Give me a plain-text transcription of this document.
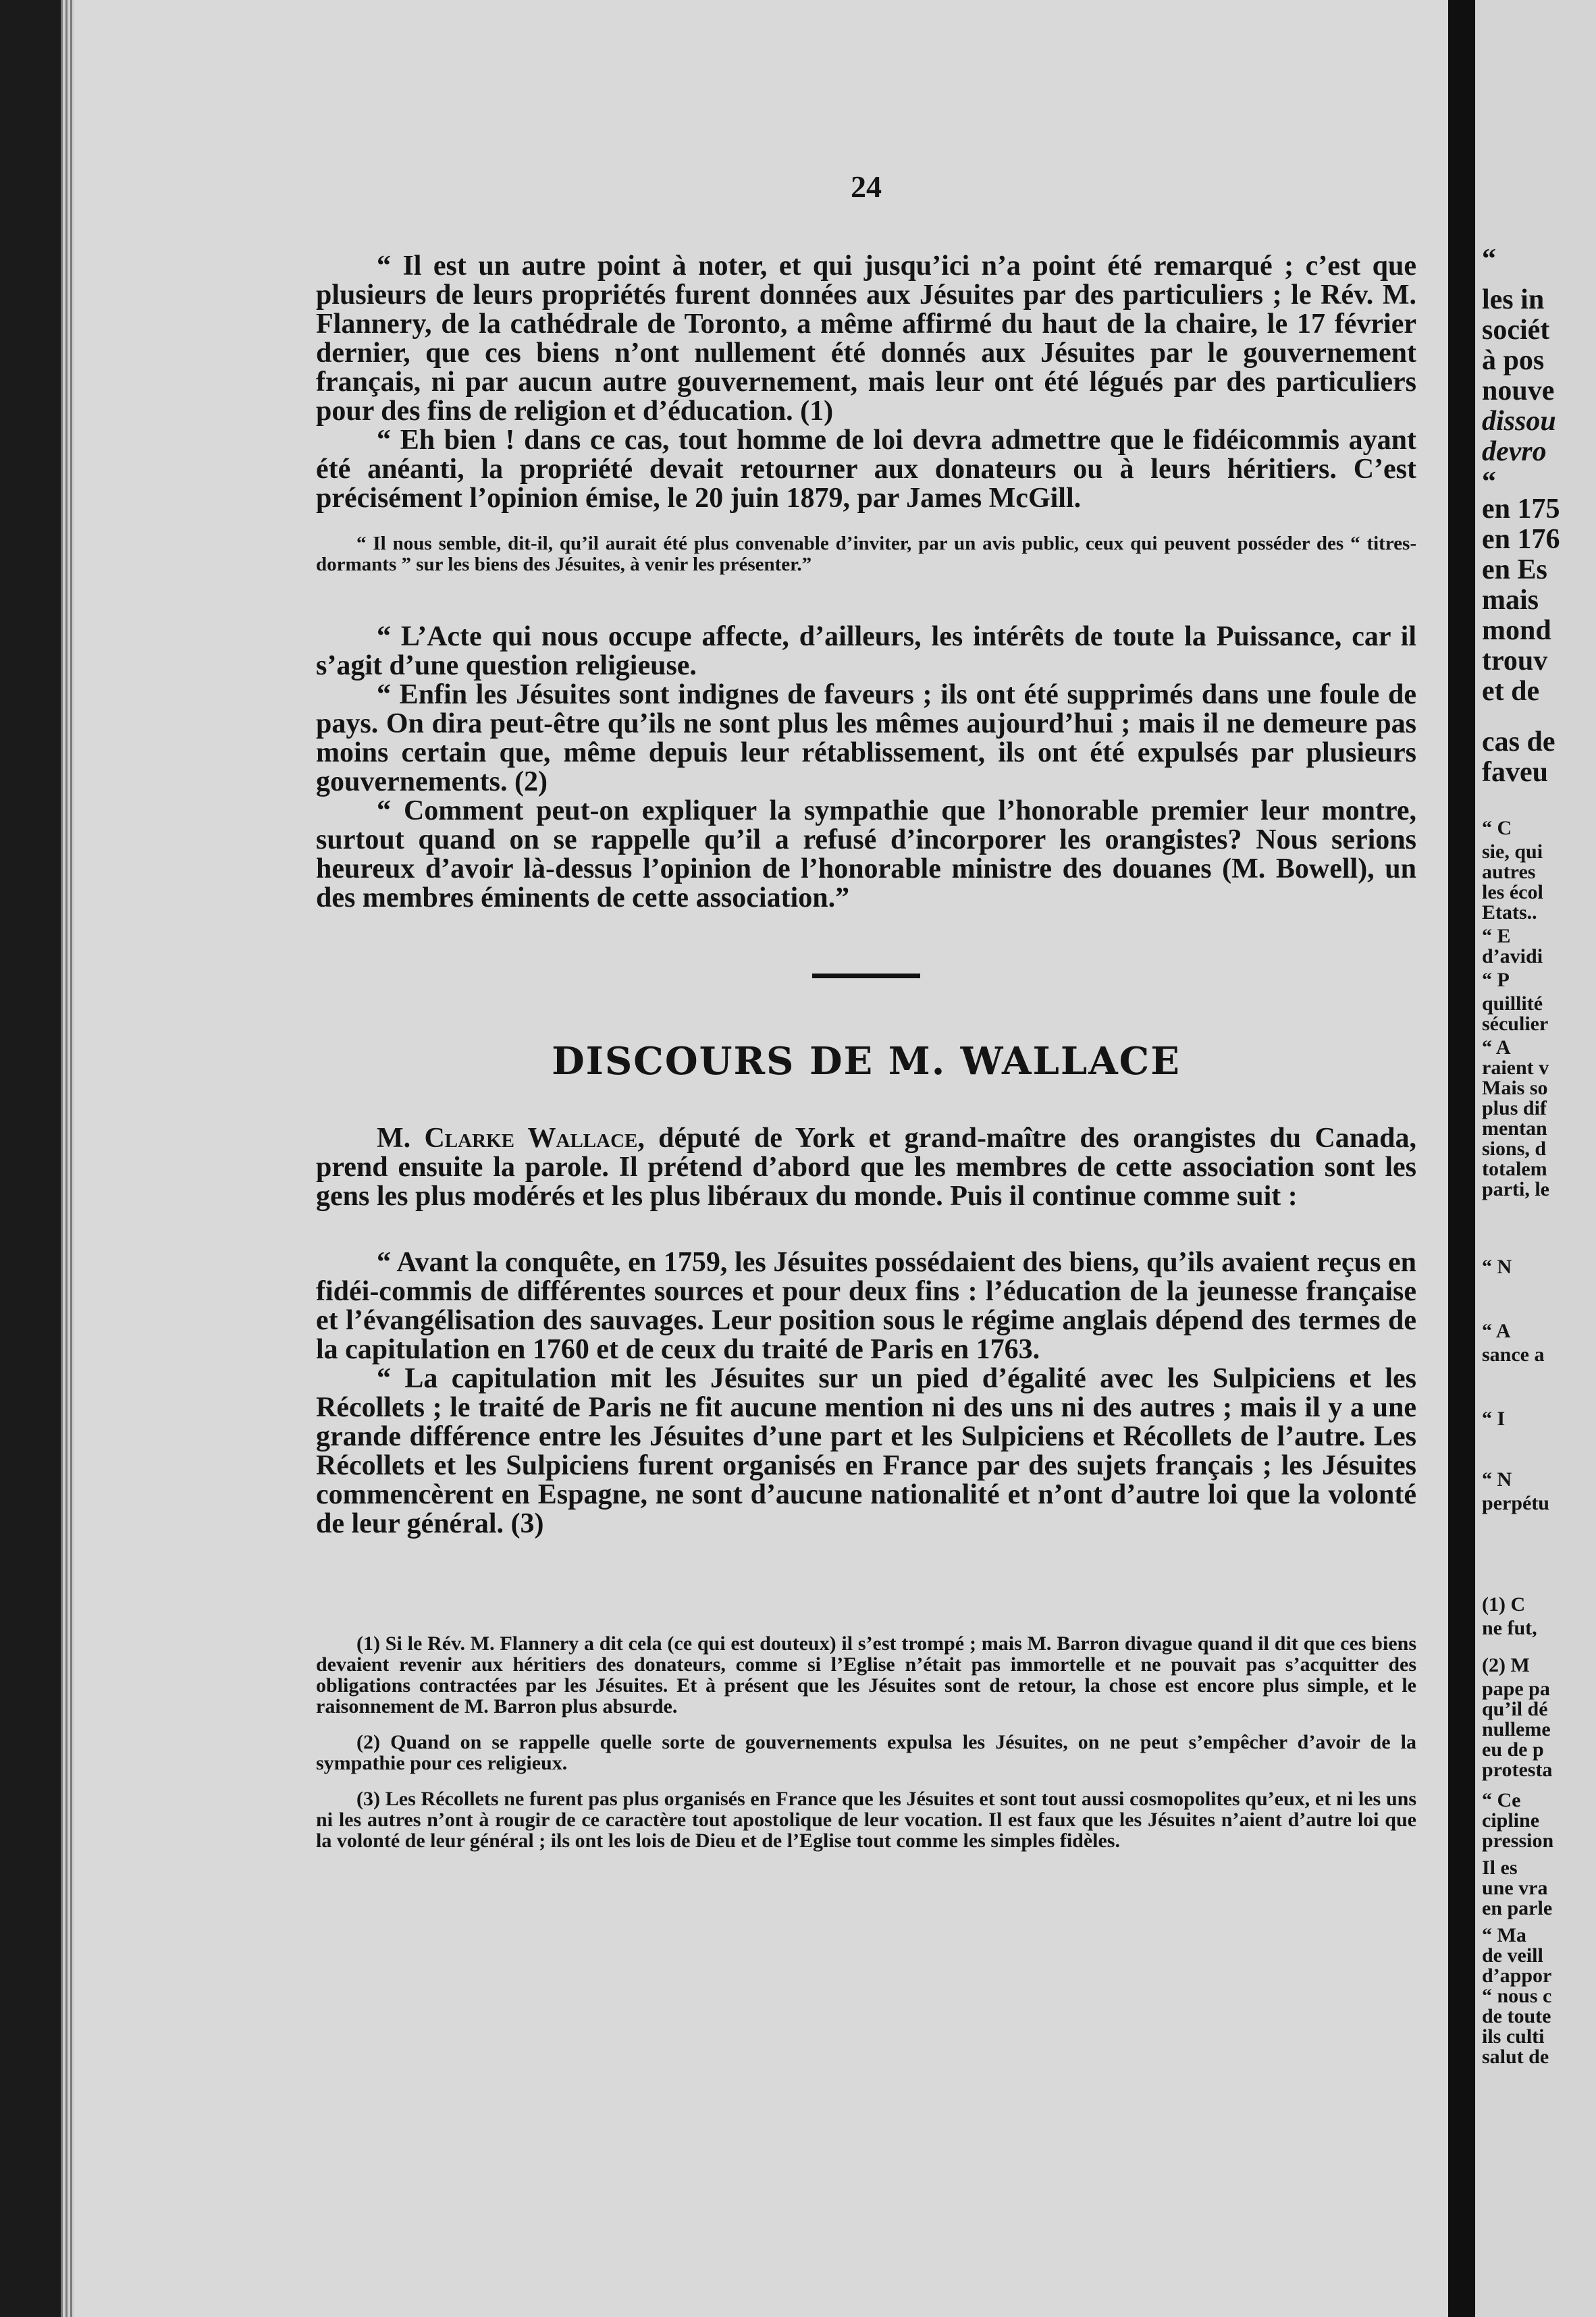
“
les in
sociét
à pos
nouve
dissou
devro
“
en 175
en 176
en Es
mais
mond
trouv
et de
cas de
faveu
“ C
sie, qui
autres
les écol
Etats..
“ E
d’avidi
“ P
quillité
séculier
“ A
raient v
Mais so
plus dif
mentan
sions, d
totalem
parti, le
“ N
“ A
sance a
“ I
“ N
perpétu
(1) C
ne fut,
(2) M
pape pa
qu’il dé
nulleme
eu de p
protesta
“ Ce
cipline
pression
Il es
une vra
en parle
“ Ma
de veill
d’appor
“ nous c
de toute
ils culti
salut de
24

“ Il est un autre point à noter, et qui jusqu’ici n’a point été remarqué ; c’est que plusieurs de leurs propriétés furent données aux Jésuites par des particuliers ; le Rév. M. Flannery, de la cathédrale de Toronto, a même affirmé du haut de la chaire, le 17 février dernier, que ces biens n’ont nullement été donnés aux Jésuites par le gouvernement français, ni par aucun autre gouvernement, mais leur ont été légués par des particuliers pour des fins de religion et d’éducation. (1)

“ Eh bien ! dans ce cas, tout homme de loi devra admettre que le fidéicommis ayant été anéanti, la propriété devait retourner aux donateurs ou à leurs héritiers. C’est précisément l’opinion émise, le 20 juin 1879, par James McGill.

“ Il nous semble, dit-il, qu’il aurait été plus convenable d’inviter, par un avis public, ceux qui peuvent posséder des “ titres-dormants ” sur les biens des Jésuites, à venir les présenter.”

“ L’Acte qui nous occupe affecte, d’ailleurs, les intérêts de toute la Puissance, car il s’agit d’une question religieuse.

“ Enfin les Jésuites sont indignes de faveurs ; ils ont été supprimés dans une foule de pays. On dira peut-être qu’ils ne sont plus les mêmes aujourd’hui ; mais il ne demeure pas moins certain que, même depuis leur rétablissement, ils ont été expulsés par plusieurs gouvernements. (2)

“ Comment peut-on expliquer la sympathie que l’honorable premier leur montre, surtout quand on se rappelle qu’il a refusé d’incorporer les orangistes? Nous serions heureux d’avoir là-dessus l’opinion de l’honorable ministre des douanes (M. Bowell), un des membres éminents de cette association.”

DISCOURS DE M. WALLACE

M. Clarke Wallace, député de York et grand-maître des orangistes du Canada, prend ensuite la parole. Il prétend d’abord que les membres de cette association sont les gens les plus modérés et les plus libéraux du monde. Puis il continue comme suit :

“ Avant la conquête, en 1759, les Jésuites possédaient des biens, qu’ils avaient reçus en fidéi-commis de différentes sources et pour deux fins : l’éducation de la jeunesse française et l’évangélisation des sauvages. Leur position sous le régime anglais dépend des termes de la capitulation en 1760 et de ceux du traité de Paris en 1763.

“ La capitulation mit les Jésuites sur un pied d’égalité avec les Sulpiciens et les Récollets ; le traité de Paris ne fit aucune mention ni des uns ni des autres ; mais il y a une grande différence entre les Jésuites d’une part et les Sulpiciens et Récollets de l’autre. Les Récollets et les Sulpiciens furent organisés en France par des sujets français ; les Jésuites commencèrent en Espagne, ne sont d’aucune nationalité et n’ont d’autre loi que la volonté de leur général. (3)

(1) Si le Rév. M. Flannery a dit cela (ce qui est douteux) il s’est trompé ; mais M. Barron divague quand il dit que ces biens devaient revenir aux héritiers des donateurs, comme si l’Eglise n’était pas immortelle et ne pouvait pas s’acquitter des obligations contractées par les Jésuites. Et à présent que les Jésuites sont de retour, la chose est encore plus simple, et le raisonnement de M. Barron plus absurde.

(2) Quand on se rappelle quelle sorte de gouvernements expulsa les Jésuites, on ne peut s’empêcher d’avoir de la sympathie pour ces religieux.

(3) Les Récollets ne furent pas plus organisés en France que les Jésuites et sont tout aussi cosmopolites qu’eux, et ni les uns ni les autres n’ont à rougir de ce caractère tout apostolique de leur vocation. Il est faux que les Jésuites n’aient d’autre loi que la volonté de leur général ; ils ont les lois de Dieu et de l’Eglise tout comme les simples fidèles.
